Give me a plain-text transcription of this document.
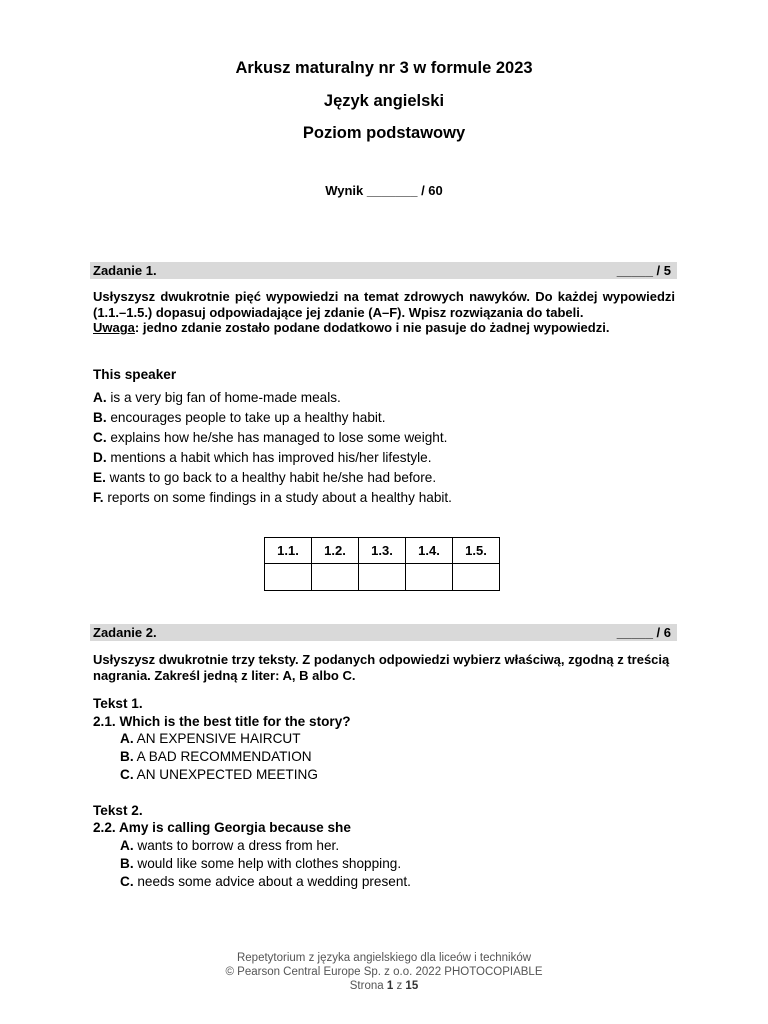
Arkusz maturalny nr 3 w formule 2023
Język angielski
Poziom podstawowy
Wynik _______ / 60
Zadanie 1.	_____ / 5

Usłyszysz dwukrotnie pięć wypowiedzi na temat zdrowych nawyków. Do każdej wypowiedzi (1.1.–1.5.) dopasuj odpowiadające jej zdanie (A–F). Wpisz rozwiązania do tabeli.

Uwaga: jedno zdanie zostało podane dodatkowo i nie pasuje do żadnej wypowiedzi.

This speaker
A. is a very big fan of home-made meals.
B. encourages people to take up a healthy habit.
C. explains how he/she has managed to lose some weight.
D. mentions a habit which has improved his/her lifestyle.
E. wants to go back to a healthy habit he/she had before.
F. reports on some findings in a study about a healthy habit.
1.1.	1.2.	1.3.	1.4.	1.5.

Zadanie 2.	_____ / 6
Usłyszysz dwukrotnie trzy teksty. Z podanych odpowiedzi wybierz właściwą, zgodną z treścią nagrania. Zakreśl jedną z liter: A, B albo C.
Tekst 1.
2.1. Which is the best title for the story?
A. AN EXPENSIVE HAIRCUT
B. A BAD RECOMMENDATION
C. AN UNEXPECTED MEETING
Tekst 2.
2.2. Amy is calling Georgia because she
A. wants to borrow a dress from her.
B. would like some help with clothes shopping.
C. needs some advice about a wedding present.
Repetytorium z języka angielskiego dla liceów i techników
© Pearson Central Europe Sp. z o.o. 2022 PHOTOCOPIABLE
Strona 1 z 15
